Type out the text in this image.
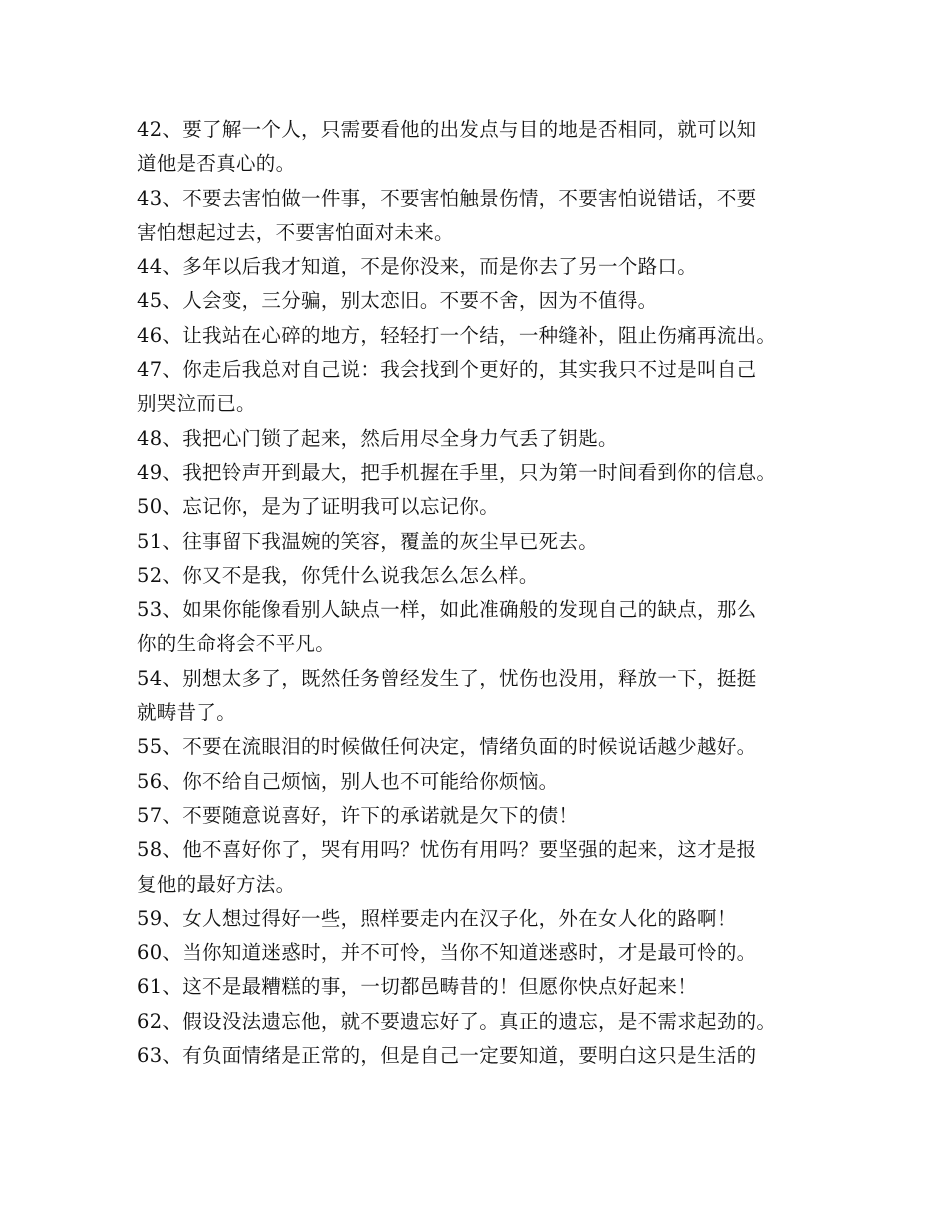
42、要了解一个人，只需要看他的出发点与目的地是否相同，就可以知
道他是否真心的。
43、不要去害怕做一件事，不要害怕触景伤情，不要害怕说错话，不要
害怕想起过去，不要害怕面对未来。
44、多年以后我才知道，不是你没来，而是你去了另一个路口。
45、人会变，三分骗，别太恋旧。不要不舍，因为不值得。
46、让我站在心碎的地方，轻轻打一个结，一种缝补，阻止伤痛再流出。
47、你走后我总对自己说：我会找到个更好的，其实我只不过是叫自己
别哭泣而已。
48、我把心门锁了起来，然后用尽全身力气丢了钥匙。
49、我把铃声开到最大，把手机握在手里，只为第一时间看到你的信息。
50、忘记你，是为了证明我可以忘记你。
51、往事留下我温婉的笑容，覆盖的灰尘早已死去。
52、你又不是我，你凭什么说我怎么怎么样。
53、如果你能像看别人缺点一样，如此准确般的发现自己的缺点，那么
你的生命将会不平凡。
54、别想太多了，既然任务曾经发生了，忧伤也没用，释放一下，挺挺
就畴昔了。
55、不要在流眼泪的时候做任何决定，情绪负面的时候说话越少越好。
56、你不给自己烦恼，别人也不可能给你烦恼。
57、不要随意说喜好，许下的承诺就是欠下的债！
58、他不喜好你了，哭有用吗？忧伤有用吗？要坚强的起来，这才是报
复他的最好方法。
59、女人想过得好一些，照样要走内在汉子化，外在女人化的路啊！
60、当你知道迷惑时，并不可怜，当你不知道迷惑时，才是最可怜的。
61、这不是最糟糕的事，一切都邑畴昔的！但愿你快点好起来！
62、假设没法遗忘他，就不要遗忘好了。真正的遗忘，是不需求起劲的。
63、有负面情绪是正常的，但是自己一定要知道，要明白这只是生活的
